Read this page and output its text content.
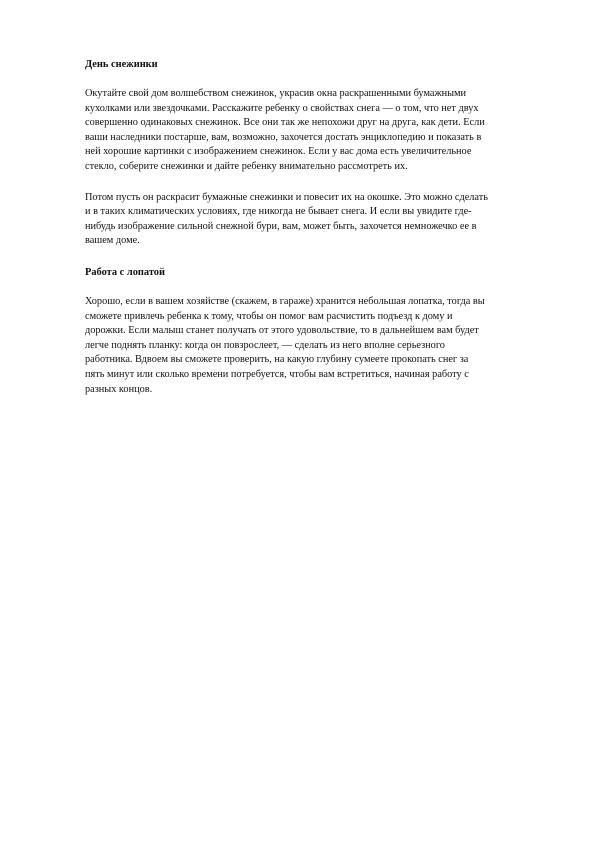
День снежинки

Окутайте свой дом волшебством снежинок, украсив окна раскрашенными бумажными
кухолками или звездочками. Расскажите ребенку о свойствах снега — о том, что нет двух
совершенно одинаковых снежинок. Все они так же непохожи друг на друга, как дети. Если
ваши наследники постарше, вам, возможно, захочется достать энциклопедию и показать в
ней хорошие картинки с изображением снежинок. Если у вас дома есть увеличительное
стекло, соберите снежинки и дайте ребенку внимательно рассмотреть их.

Потом пусть он раскрасит бумажные снежинки и повесит их на окошке. Это можно сделать
и в таких климатических условиях, где никогда не бывает снега. И если вы увидите где-
нибудь изображение сильной снежной бури, вам, может быть, захочется немножечко ее в
вашем доме.

Работа с лопатой

Хорошо, если в вашем хозяйстве (скажем, в гараже) хранится небольшая лопатка, тогда вы
сможете привлечь ребенка к тому, чтобы он помог вам расчистить подъезд к дому и
дорожки. Если малыш станет получать от этого удовольствие, то в дальнейшем вам будет
легче поднять планку: когда он повзрослеет, — сделать из него вполне серьезного
работника. Вдвоем вы сможете проверить, на какую глубину сумеете прокопать снег за
пять минут или сколько времени потребуется, чтобы вам встретиться, начиная работу с
разных концов.
